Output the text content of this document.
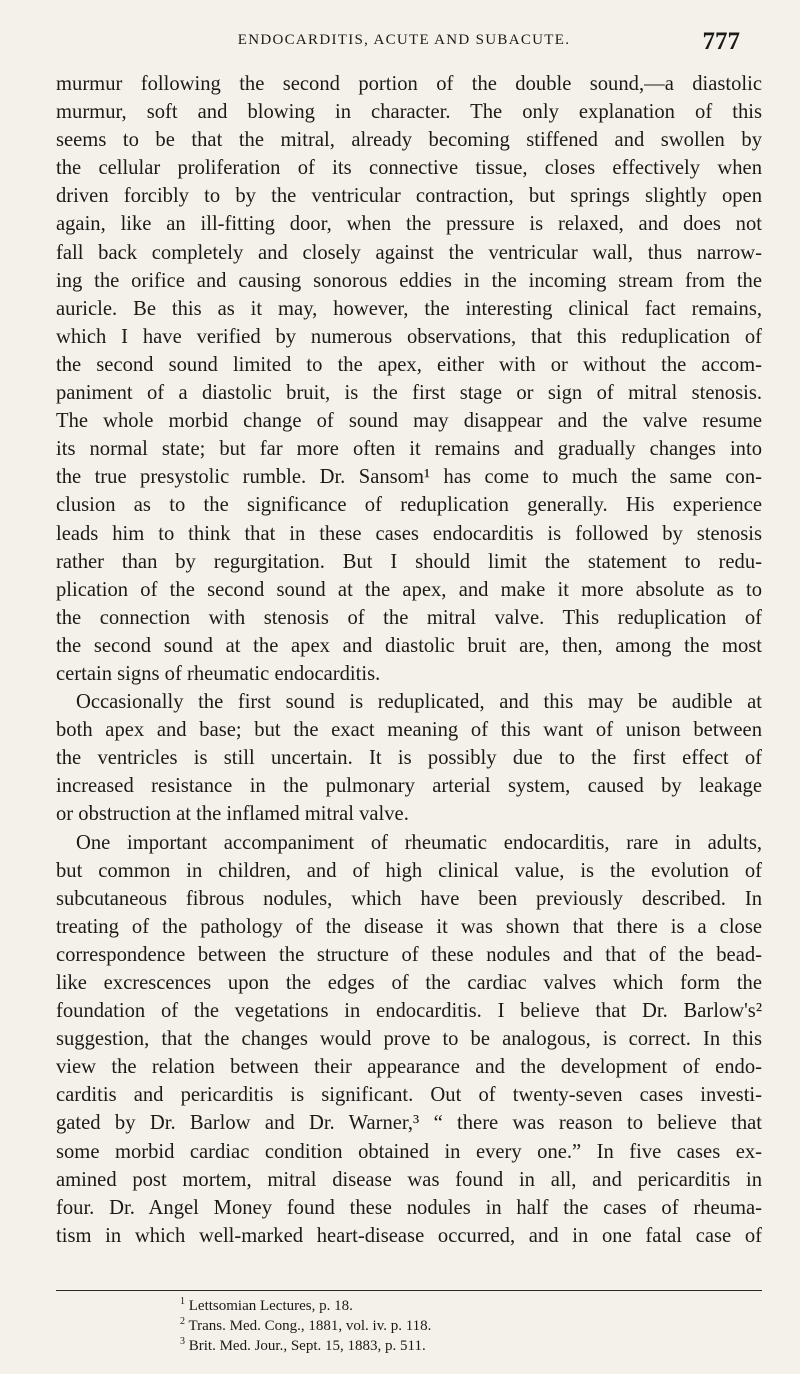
ENDOCARDITIS, ACUTE AND SUBACUTE.	777
murmur following the second portion of the double sound,—a diastolic
murmur, soft and blowing in character. The only explanation of this
seems to be that the mitral, already becoming stiffened and swollen by
the cellular proliferation of its connective tissue, closes effectively when
driven forcibly to by the ventricular contraction, but springs slightly open
again, like an ill-fitting door, when the pressure is relaxed, and does not
fall back completely and closely against the ventricular wall, thus narrow-
ing the orifice and causing sonorous eddies in the incoming stream from the
auricle. Be this as it may, however, the interesting clinical fact remains,
which I have verified by numerous observations, that this reduplication of
the second sound limited to the apex, either with or without the accom-
paniment of a diastolic bruit, is the first stage or sign of mitral stenosis.
The whole morbid change of sound may disappear and the valve resume
its normal state; but far more often it remains and gradually changes into
the true presystolic rumble. Dr. Sansom¹ has come to much the same con-
clusion as to the significance of reduplication generally. His experience
leads him to think that in these cases endocarditis is followed by stenosis
rather than by regurgitation. But I should limit the statement to redu-
plication of the second sound at the apex, and make it more absolute as to
the connection with stenosis of the mitral valve. This reduplication of
the second sound at the apex and diastolic bruit are, then, among the most
certain signs of rheumatic endocarditis.
Occasionally the first sound is reduplicated, and this may be audible at
both apex and base; but the exact meaning of this want of unison between
the ventricles is still uncertain. It is possibly due to the first effect of
increased resistance in the pulmonary arterial system, caused by leakage
or obstruction at the inflamed mitral valve.
One important accompaniment of rheumatic endocarditis, rare in adults,
but common in children, and of high clinical value, is the evolution of
subcutaneous fibrous nodules, which have been previously described. In
treating of the pathology of the disease it was shown that there is a close
correspondence between the structure of these nodules and that of the bead-
like excrescences upon the edges of the cardiac valves which form the
foundation of the vegetations in endocarditis. I believe that Dr. Barlow's²
suggestion, that the changes would prove to be analogous, is correct. In this
view the relation between their appearance and the development of endo-
carditis and pericarditis is significant. Out of twenty-seven cases investi-
gated by Dr. Barlow and Dr. Warner,³ “ there was reason to believe that
some morbid cardiac condition obtained in every one.” In five cases ex-
amined post mortem, mitral disease was found in all, and pericarditis in
four. Dr. Angel Money found these nodules in half the cases of rheuma-
tism in which well-marked heart-disease occurred, and in one fatal case of
$^1$ Lettsomian Lectures, p. 18.
$^2$ Trans. Med. Cong., 1881, vol. iv. p. 118.
$^3$ Brit. Med. Jour., Sept. 15, 1883, p. 511.
